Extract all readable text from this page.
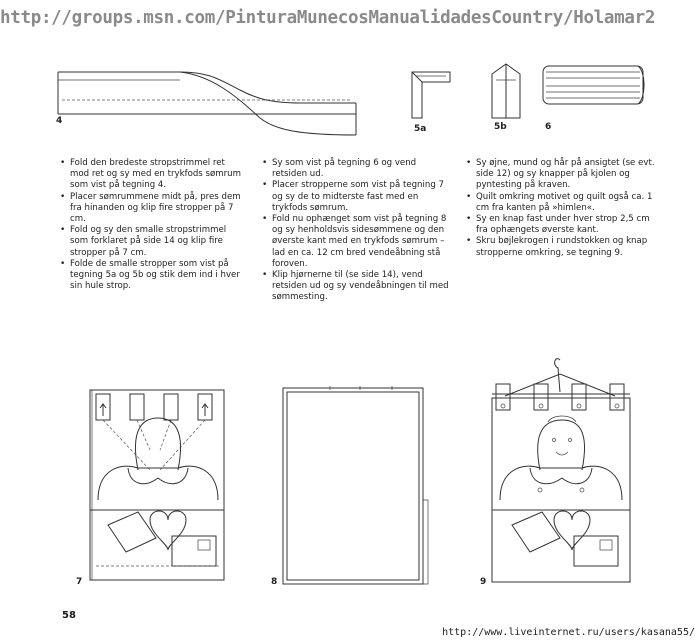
http://groups.msn.com/PinturaMunecosManualidadesCountry/Holamar2
4
5a	5b	6
7	8	9
• Fold den bredeste stropstrimmel ret mod ret og sy med en trykfods sømrum som vist på tegning 4.
• Placer sømrummene midt på, pres dem fra hinanden og klip fire stropper på 7 cm.
• Fold og sy den smalle stropstrimmel som forklaret på side 14 og klip fire stropper på 7 cm.
• Folde de smalle stropper som vist på tegning 5a og 5b og stik dem ind i hver sin hule strop.
• Sy som vist på tegning 6 og vend retsiden ud.
• Placer stropperne som vist på tegning 7 og sy de to midterste fast med en trykfods sømrum.
• Fold nu ophænget som vist på tegning 8 og sy henholdsvis sidesømmene og den øverste kant med en trykfods sømrum – lad en ca. 12 cm bred vendeåbning stå foroven.
• Klip hjørnerne til (se side 14), vend retsiden ud og sy vendeåbningen til med sømmesting.
• Sy øjne, mund og hår på ansigtet (se evt. side 12) og sy knapper på kjolen og pyntesting på kraven.
• Quilt omkring motivet og quilt også ca. 1 cm fra kanten på »himlen«.
• Sy en knap fast under hver strop 2,5 cm fra ophængets øverste kant.
• Skru bøjlekrogen i rundstokken og knap stropperne omkring, se tegning 9.
58
http://www.liveinternet.ru/users/kasana55/
